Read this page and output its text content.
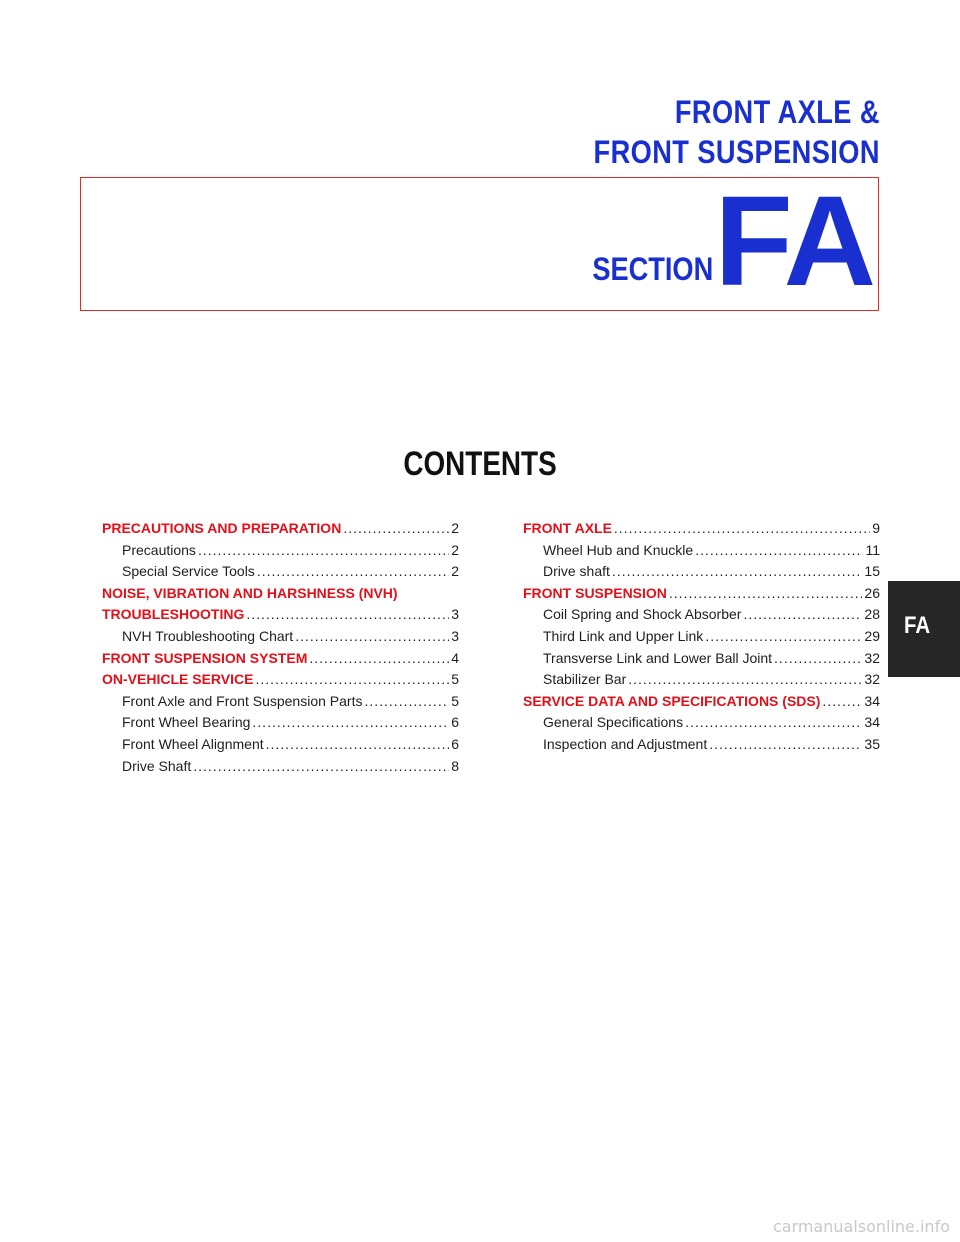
FRONT AXLE &
FRONT SUSPENSION
SECTION FA
CONTENTS
PRECAUTIONS AND PREPARATION .....	2
Precautions .....	2
Special Service Tools .....	2
NOISE, VIBRATION AND HARSHNESS (NVH)
TROUBLESHOOTING .....	3
NVH Troubleshooting Chart .....	3
FRONT SUSPENSION SYSTEM .....	4
ON-VEHICLE SERVICE .....	5
Front Axle and Front Suspension Parts .....	5
Front Wheel Bearing .....	6
Front Wheel Alignment .....	6
Drive Shaft .....	8
FRONT AXLE .....	9
Wheel Hub and Knuckle .....	11
Drive shaft .....	15
FRONT SUSPENSION .....	26
Coil Spring and Shock Absorber .....	28
Third Link and Upper Link .....	29
Transverse Link and Lower Ball Joint .....	32
Stabilizer Bar .....	32
SERVICE DATA AND SPECIFICATIONS (SDS) .....	34
General Specifications .....	34
Inspection and Adjustment .....	35
FA
carmanualsonline.info
